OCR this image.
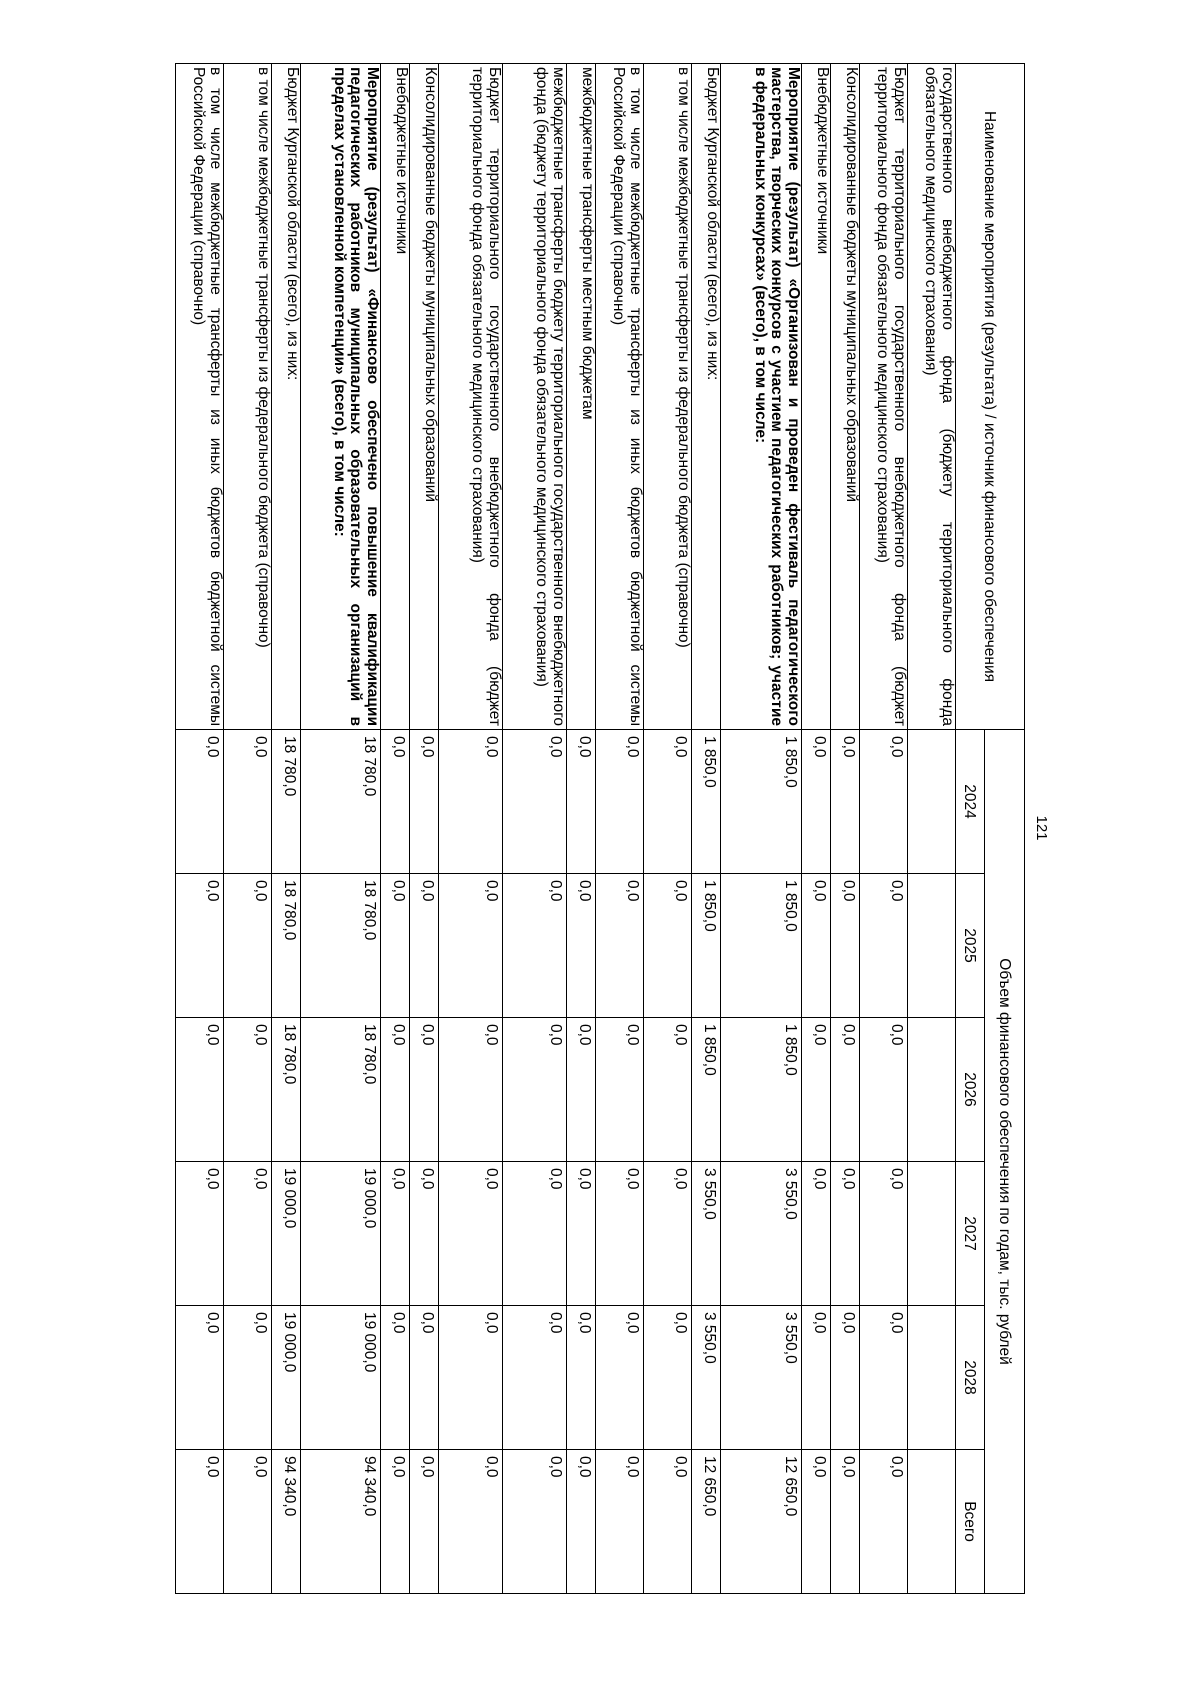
121
Наименование мероприятия (результата) / источник финансового обеспечения	Объем финансового обеспечения по годам, тыс. рублей					
	2024	2025	2026	2027	2028	Всего
государственного внебюджетного фонда (бюджету территориального фонда обязательного медицинского страхования)						
Бюджет территориального государственного внебюджетного фонда (бюджет территориального фонда обязательного медицинского страхования)	0,0	0,0	0,0	0,0	0,0	0,0
Консолидированные бюджеты муниципальных образований	0,0	0,0	0,0	0,0	0,0	0,0
Внебюджетные источники	0,0	0,0	0,0	0,0	0,0	0,0
Мероприятие (результат) «Организован и проведен фестиваль педагогического мастерства, творческих конкурсов с участием педагогических работников; участие в федеральных конкурсах» (всего), в том числе:	1 850,0	1 850,0	1 850,0	3 550,0	3 550,0	12 650,0
Бюджет Курганской области (всего), из них:	1 850,0	1 850,0	1 850,0	3 550,0	3 550,0	12 650,0
в том числе межбюджетные трансферты из федерального бюджета (справочно)	0,0	0,0	0,0	0,0	0,0	0,0
в том числе межбюджетные трансферты из иных бюджетов бюджетной системы Российской Федерации (справочно)	0,0	0,0	0,0	0,0	0,0	0,0
межбюджетные трансферты местным бюджетам	0,0	0,0	0,0	0,0	0,0	0,0
межбюджетные трансферты бюджету территориального государственного внебюджетного фонда (бюджету территориального фонда обязательного медицинского страхования)	0,0	0,0	0,0	0,0	0,0	0,0
Бюджет территориального государственного внебюджетного фонда (бюджет территориального фонда обязательного медицинского страхования)	0,0	0,0	0,0	0,0	0,0	0,0
Консолидированные бюджеты муниципальных образований	0,0	0,0	0,0	0,0	0,0	0,0
Внебюджетные источники	0,0	0,0	0,0	0,0	0,0	0,0
Мероприятие (результат) «Финансово обеспечено повышение квалификации педагогических работников муниципальных образовательных организаций в пределах установленной компетенции» (всего), в том числе:	18 780,0	18 780,0	18 780,0	19 000,0	19 000,0	94 340,0
Бюджет Курганской области (всего), из них:	18 780,0	18 780,0	18 780,0	19 000,0	19 000,0	94 340,0
в том числе межбюджетные трансферты из федерального бюджета (справочно)	0,0	0,0	0,0	0,0	0,0	0,0
в том числе межбюджетные трансферты из иных бюджетов бюджетной системы Российской Федерации (справочно)	0,0	0,0	0,0	0,0	0,0	0,0
